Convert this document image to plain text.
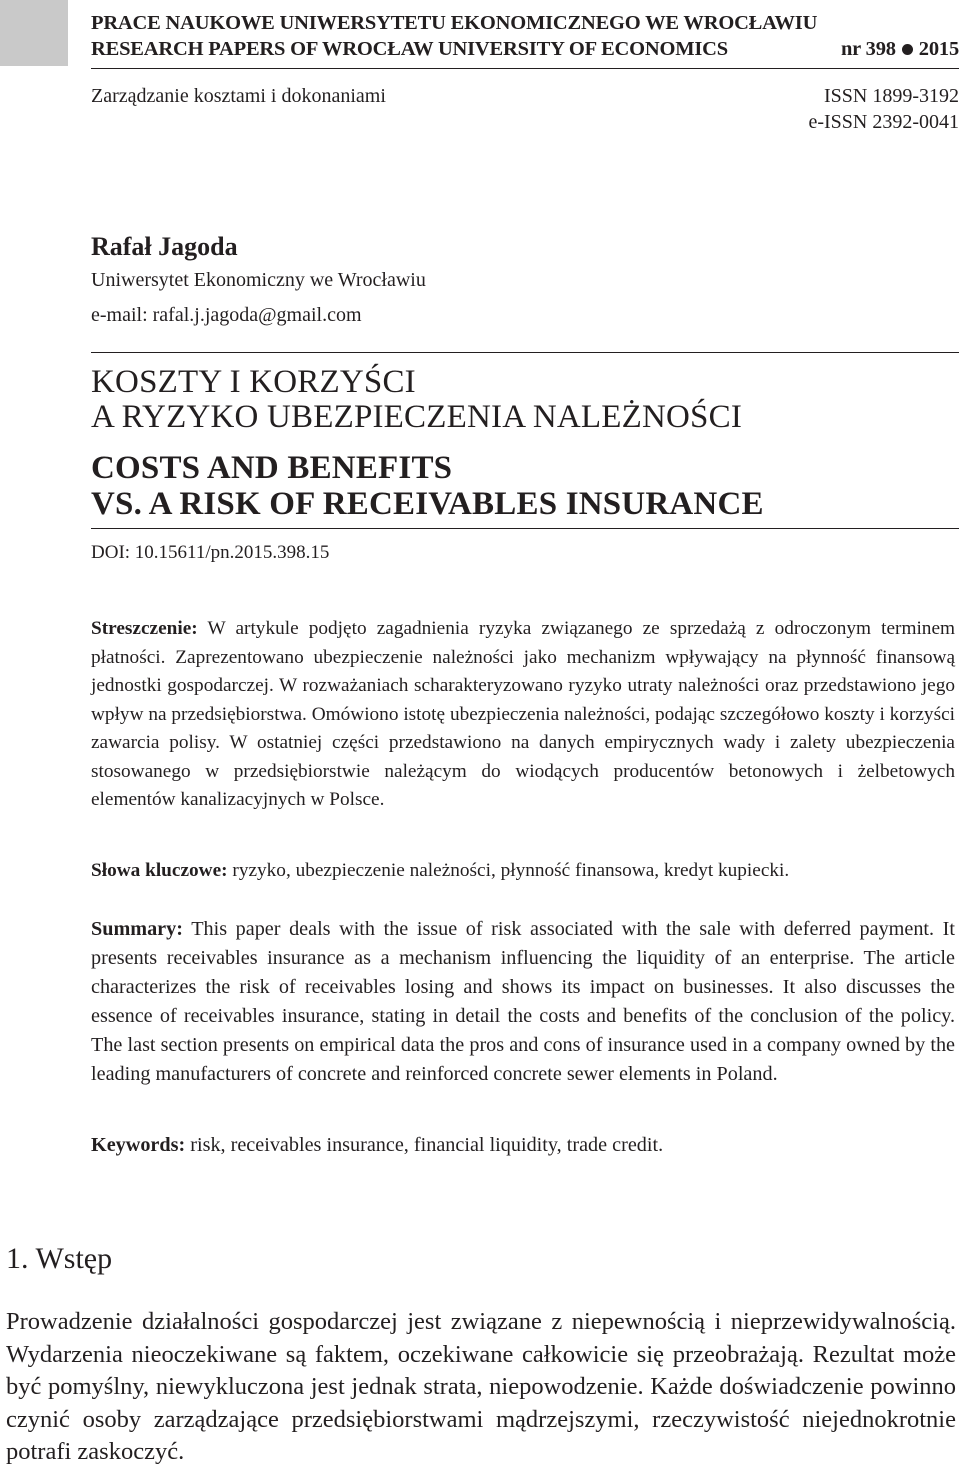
PRACE NAUKOWE UNIWERSYTETU EKONOMICZNEGO WE WROCŁAWIU
RESEARCH PAPERS OF WROCŁAW UNIVERSITY OF ECONOMICS	nr 398 2015
Zarządzanie kosztami i dokonaniami	ISSN 1899-3192
e-ISSN 2392-0041
Rafał Jagoda
Uniwersytet Ekonomiczny we Wrocławiu
e-mail: rafal.j.jagoda@gmail.com
KOSZTY I KORZYŚCI
A RYZYKO UBEZPIECZENIA NALEŻNOŚCI
COSTS AND BENEFITS
VS. A RISK OF RECEIVABLES INSURANCE
DOI: 10.15611/pn.2015.398.15
Streszczenie: W artykule podjęto zagadnienia ryzyka związanego ze sprzedażą z odroczonym terminem płatności. Zaprezentowano ubezpieczenie należności jako mechanizm wpływający na płynność finansową jednostki gospodarczej. W rozważaniach scharakteryzowano ryzyko utraty należności oraz przedstawiono jego wpływ na przedsiębiorstwa. Omówiono istotę ubezpieczenia należności, podając szczegółowo koszty i korzyści zawarcia polisy. W ostatniej części przedstawiono na danych empirycznych wady i zalety ubezpieczenia stosowanego w przedsiębiorstwie należącym do wiodących producentów betonowych i żelbetowych elementów kanalizacyjnych w Polsce.
Słowa kluczowe: ryzyko, ubezpieczenie należności, płynność finansowa, kredyt kupiecki.
Summary: This paper deals with the issue of risk associated with the sale with deferred payment. It presents receivables insurance as a mechanism influencing the liquidity of an enterprise. The article characterizes the risk of receivables losing and shows its impact on businesses. It also discusses the essence of receivables insurance, stating in detail the costs and benefits of the conclusion of the policy. The last section presents on empirical data the pros and cons of insurance used in a company owned by the leading manufacturers of concrete and reinforced concrete sewer elements in Poland.
Keywords: risk, receivables insurance, financial liquidity, trade credit.
1. Wstęp
Prowadzenie działalności gospodarczej jest związane z niepewnością i nieprzewidywalnością. Wydarzenia nieoczekiwane są faktem, oczekiwane całkowicie się przeobrażają. Rezultat może być pomyślny, niewykluczona jest jednak strata, niepowodzenie. Każde doświadczenie powinno czynić osoby zarządzające przedsiębiorstwami mądrzejszymi, rzeczywistość niejednokrotnie potrafi zaskoczyć.
